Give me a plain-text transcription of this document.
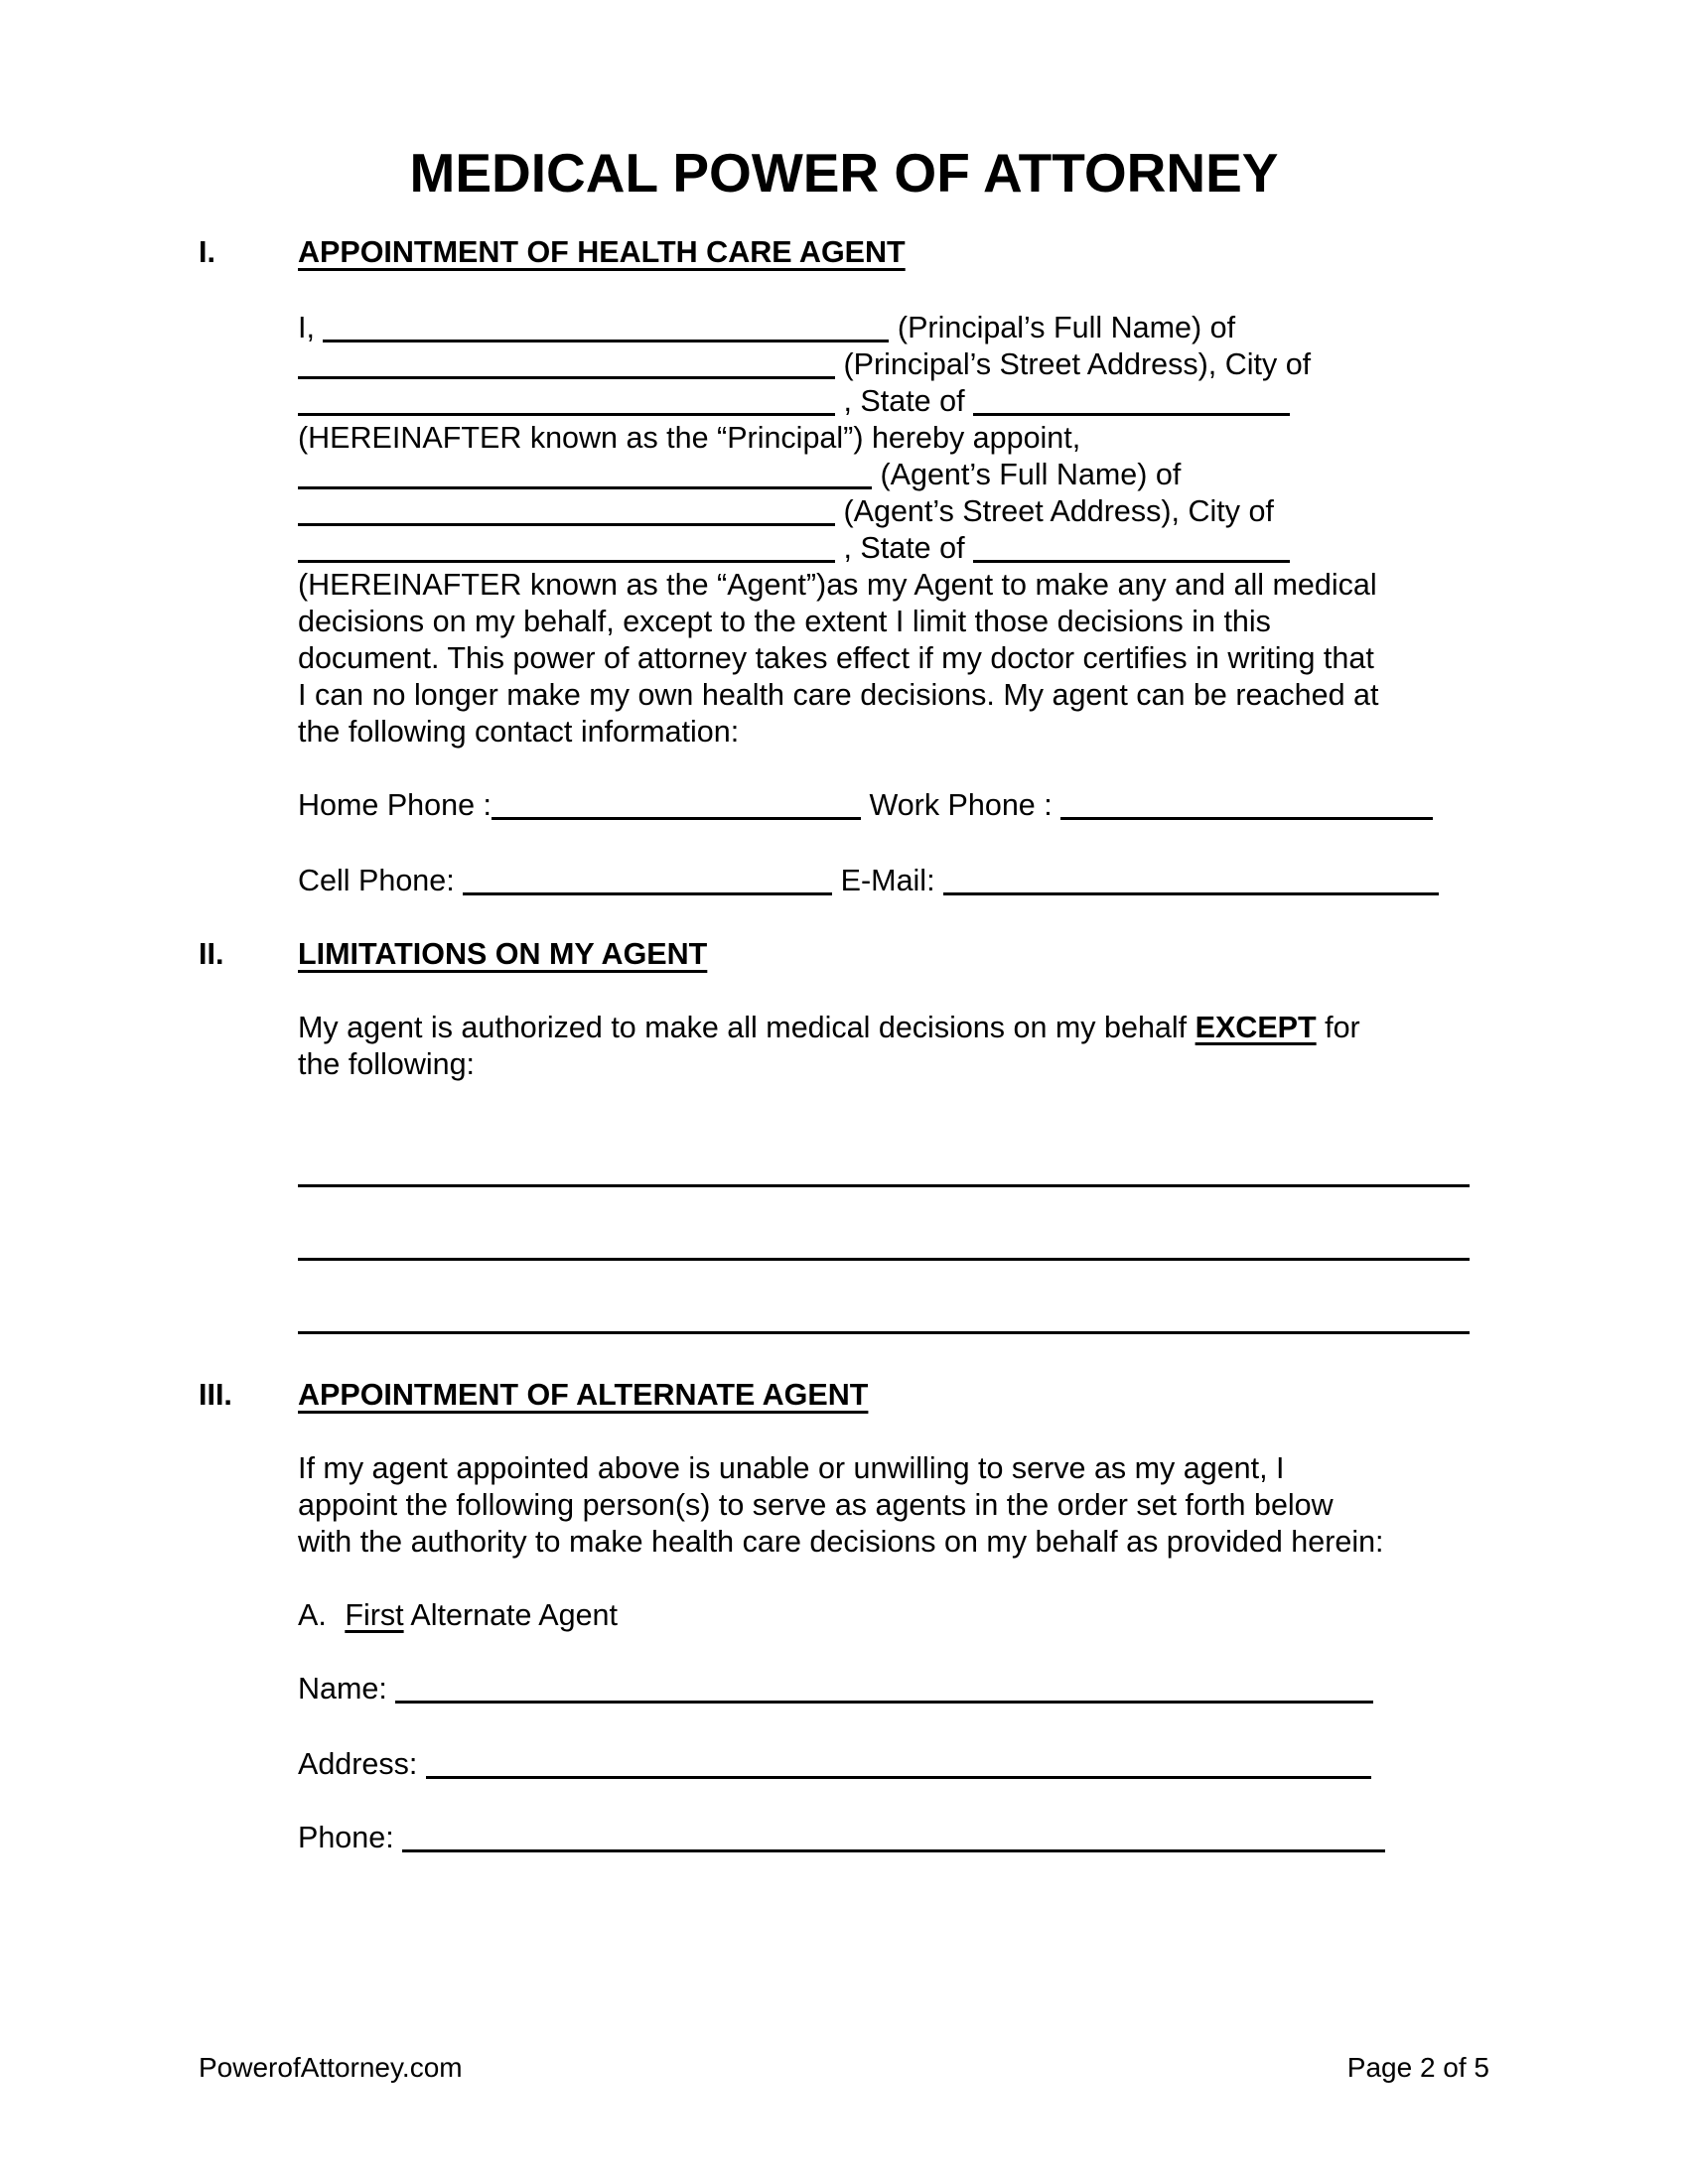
MEDICAL POWER OF ATTORNEY
I.	APPOINTMENT OF HEALTH CARE AGENT
I,	(Principal’s Full Name) of
(Principal’s Street Address), City of
, State of
(HEREINAFTER known as the “Principal”) hereby appoint,
(Agent’s Full Name) of
(Agent’s Street Address), City of
, State of
(HEREINAFTER known as the “Agent”)as my Agent to make any and all medical
decisions on my behalf, except to the extent I limit those decisions in this
document. This power of attorney takes effect if my doctor certifies in writing that
I can no longer make my own health care decisions. My agent can be reached at
the following contact information:
Home Phone :	Work Phone :
Cell Phone:	E-Mail:
II.	LIMITATIONS ON MY AGENT
My agent is authorized to make all medical decisions on my behalf EXCEPT for
the following:
III.	APPOINTMENT OF ALTERNATE AGENT
If my agent appointed above is unable or unwilling to serve as my agent, I
appoint the following person(s) to serve as agents in the order set forth below
with the authority to make health care decisions on my behalf as provided herein:
A. First Alternate Agent
Name:
Address:
Phone:
PowerofAttorney.com	Page 2 of 5
